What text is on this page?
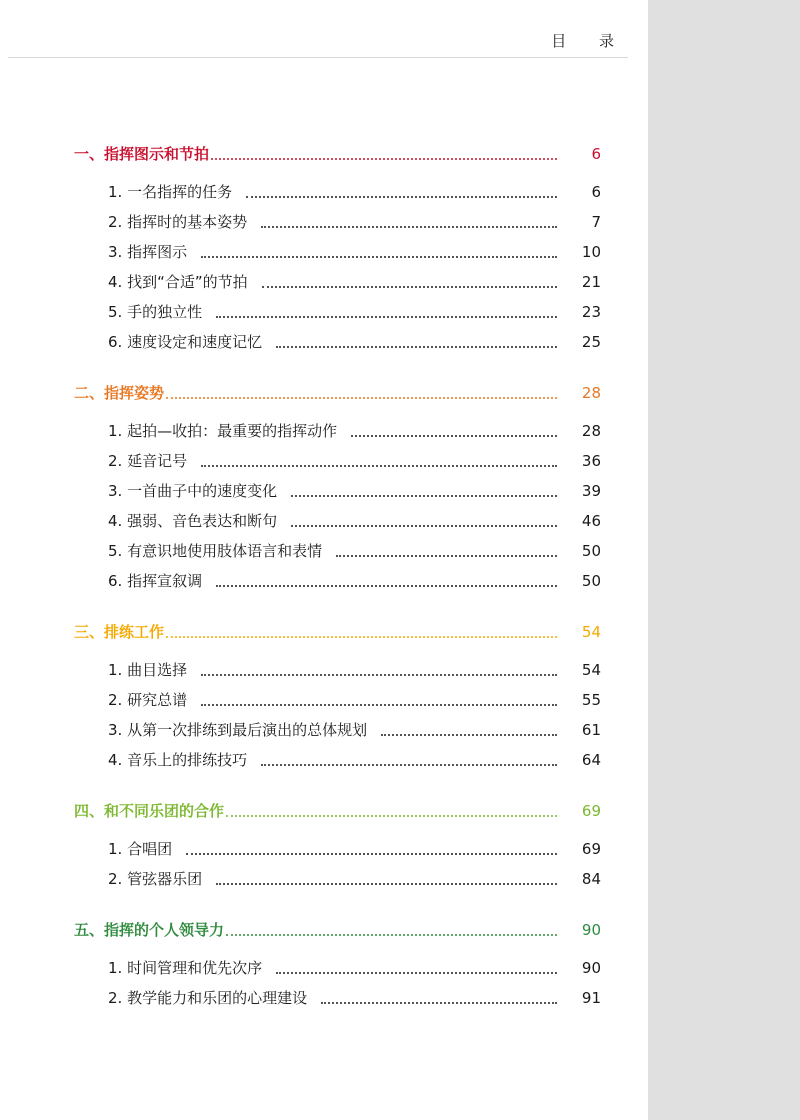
目 录
一、指挥图示和节拍	6
1. 一名指挥的任务	6
2. 指挥时的基本姿势	7
3. 指挥图示	10
4. 找到“合适”的节拍	21
5. 手的独立性	23
6. 速度设定和速度记忆	25
二、指挥姿势	28
1. 起拍—收拍：最重要的指挥动作	28
2. 延音记号	36
3. 一首曲子中的速度变化	39
4. 强弱、音色表达和断句	46
5. 有意识地使用肢体语言和表情	50
6. 指挥宣叙调	50
三、排练工作	54
1. 曲目选择	54
2. 研究总谱	55
3. 从第一次排练到最后演出的总体规划	61
4. 音乐上的排练技巧	64
四、和不同乐团的合作	69
1. 合唱团	69
2. 管弦器乐团	84
五、指挥的个人领导力	90
1. 时间管理和优先次序	90
2. 教学能力和乐团的心理建设	91
